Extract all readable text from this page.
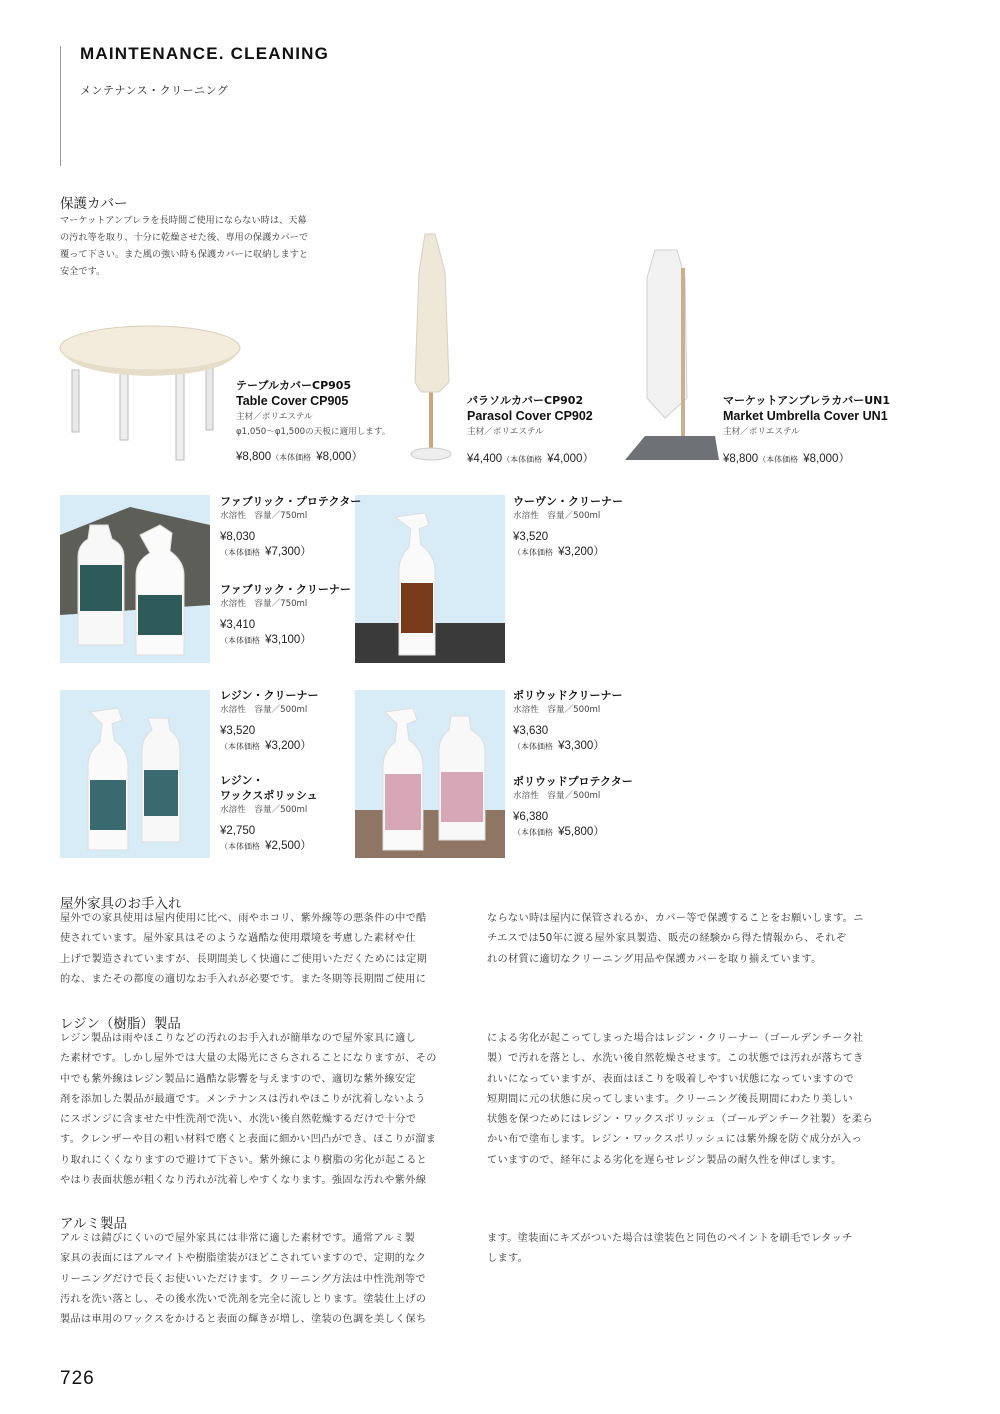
MAINTENANCE. CLEANING
メンテナンス・クリーニング
保護カバー
マーケットアンブレラを長時間ご使用にならない時は、天幕
の汚れ等を取り、十分に乾燥させた後、専用の保護カバーで
覆って下さい。また風の強い時も保護カバーに収納しますと
安全です。
テーブルカバーCP905
Table Cover CP905
主材／ポリエステル
φ1,050〜φ1,500の天板に適用します。
¥8,800（本体価格 ¥8,000）
パラソルカバーCP902
Parasol Cover CP902
主材／ポリエステル
¥4,400（本体価格 ¥4,000）
マーケットアンブレラカバーUN1
Market Umbrella Cover UN1
主材／ポリエステル
¥8,800（本体価格 ¥8,000）
ファブリック・プロテクター
水溶性　容量／750ml
¥8,030
（本体価格 ¥7,300）
ファブリック・クリーナー
水溶性　容量／750ml
¥3,410
（本体価格 ¥3,100）
ウーヴン・クリーナー
水溶性　容量／500ml
¥3,520
（本体価格 ¥3,200）
レジン・クリーナー
水溶性　容量／500ml
¥3,520
（本体価格 ¥3,200）
レジン・
ワックスポリッシュ
水溶性　容量／500ml
¥2,750
（本体価格 ¥2,500）
ポリウッドクリーナー
水溶性　容量／500ml
¥3,630
（本体価格 ¥3,300）
ポリウッドプロテクター
水溶性　容量／500ml
¥6,380
（本体価格 ¥5,800）
屋外家具のお手入れ
屋外での家具使用は屋内使用に比べ、雨やホコリ、紫外線等の悪条件の中で酷
使されています。屋外家具はそのような過酷な使用環境を考慮した素材や仕
上げで製造されていますが、長期間美しく快適にご使用いただくためには定期
的な、またその都度の適切なお手入れが必要です。また冬期等長期間ご使用に
ならない時は屋内に保管されるか、カバー等で保護することをお願いします。ニ
チエスでは50年に渡る屋外家具製造、販売の経験から得た情報から、それぞ
れの材質に適切なクリーニング用品や保護カバーを取り揃えています。
レジン（樹脂）製品
レジン製品は雨やほこりなどの汚れのお手入れが簡単なので屋外家具に適し
た素材です。しかし屋外では大量の太陽光にさらされることになりますが、その
中でも紫外線はレジン製品に過酷な影響を与えますので、適切な紫外線安定
剤を添加した製品が最適です。メンテナンスは汚れやほこりが沈着しないよう
にスポンジに含ませた中性洗剤で洗い、水洗い後自然乾燥するだけで十分で
す。クレンザーや目の粗い材料で磨くと表面に細かい凹凸ができ、ほこりが溜ま
り取れにくくなりますので避けて下さい。紫外線により樹脂の劣化が起こると
やはり表面状態が粗くなり汚れが沈着しやすくなります。強固な汚れや紫外線
による劣化が起こってしまった場合はレジン・クリーナー（ゴールデンチーク社
製）で汚れを落とし、水洗い後自然乾燥させます。この状態では汚れが落ちてき
れいになっていますが、表面はほこりを吸着しやすい状態になっていますので
短期間に元の状態に戻ってしまいます。クリーニング後長期間にわたり美しい
状態を保つためにはレジン・ワックスポリッシュ（ゴールデンチーク社製）を柔ら
かい布で塗布します。レジン・ワックスポリッシュには紫外線を防ぐ成分が入っ
ていますので、経年による劣化を遅らせレジン製品の耐久性を伸ばします。
アルミ製品
アルミは錆びにくいので屋外家具には非常に適した素材です。通常アルミ製
家具の表面にはアルマイトや樹脂塗装がほどこされていますので、定期的なク
リーニングだけで長くお使いいただけます。クリーニング方法は中性洗剤等で
汚れを洗い落とし、その後水洗いで洗剤を完全に流しとります。塗装仕上げの
製品は車用のワックスをかけると表面の輝きが増し、塗装の色調を美しく保ち
ます。塗装面にキズがついた場合は塗装色と同色のペイントを刷毛でレタッチ
します。
726
